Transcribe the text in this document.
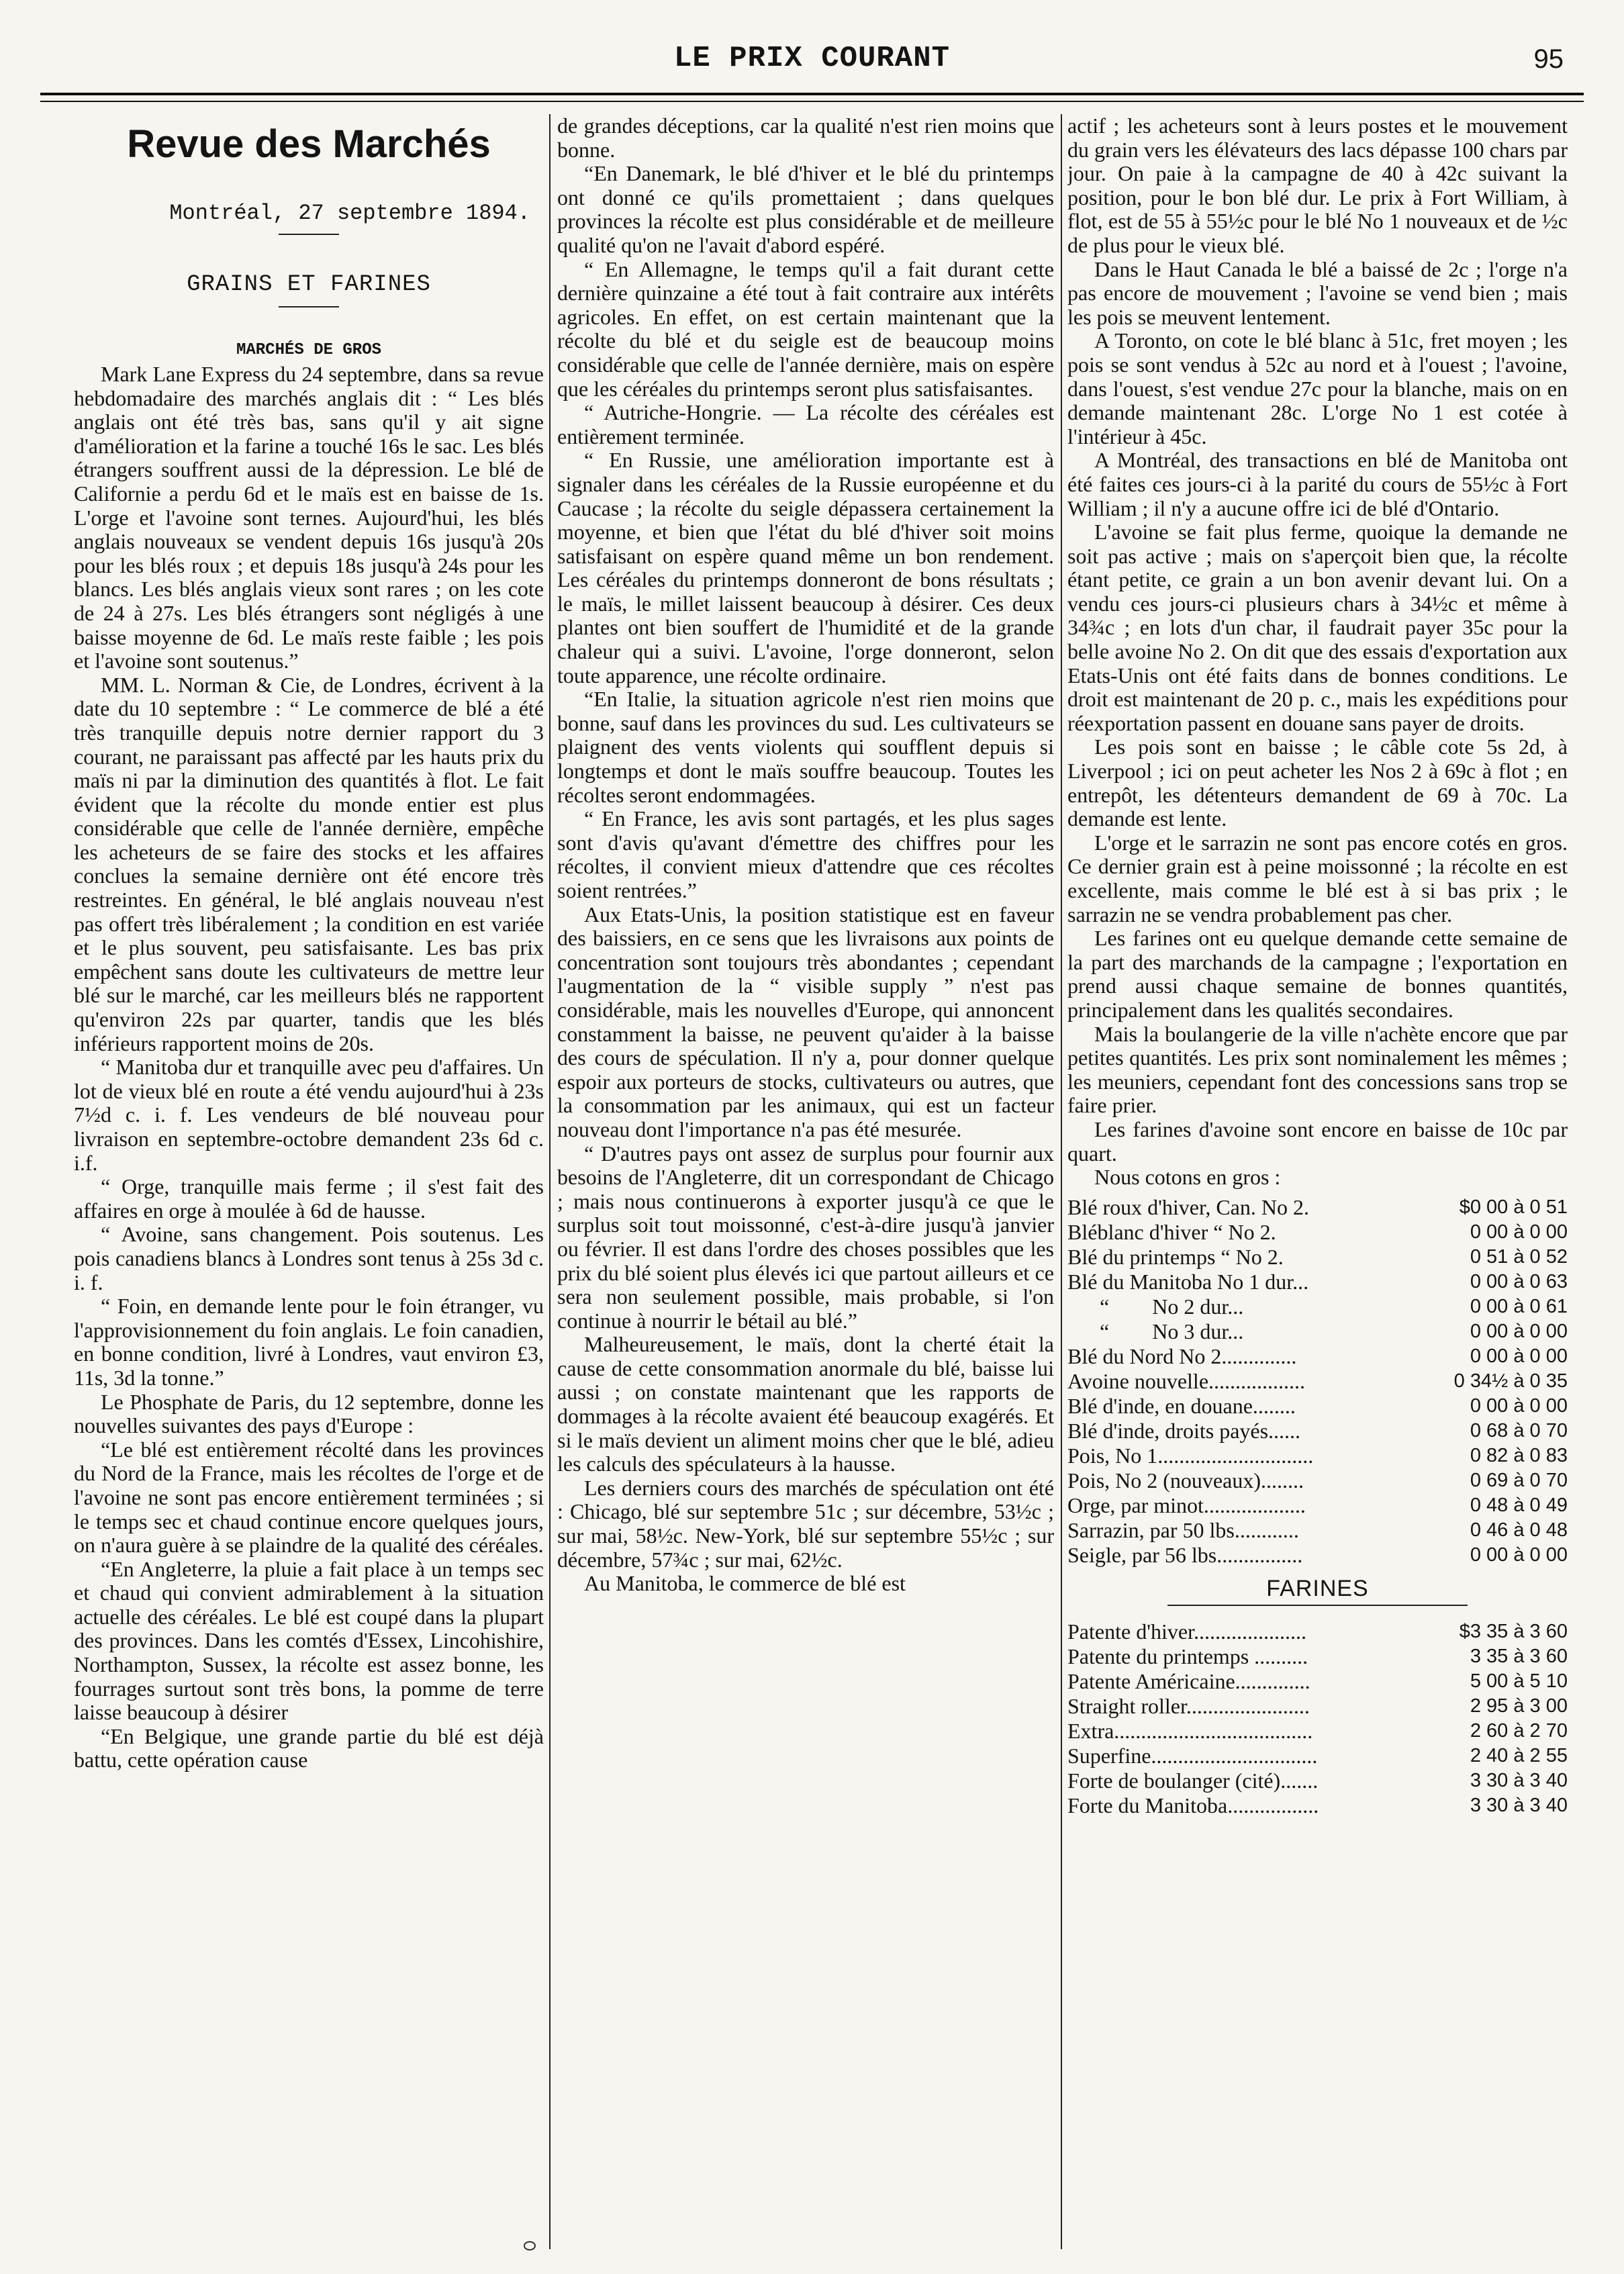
LE PRIX COURANT	95
Revue des Marchés
Montréal, 27 septembre 1894.
GRAINS ET FARINES
MARCHÉS DE GROS

Mark Lane Express du 24 septembre, dans sa revue hebdomadaire des marchés anglais dit : “ Les blés anglais ont été très bas, sans qu'il y ait signe d'amélioration et la farine a touché 16s le sac. Les blés étrangers souffrent aussi de la dépression. Le blé de Californie a perdu 6d et le maïs est en baisse de 1s. L'orge et l'avoine sont ternes. Aujourd'hui, les blés anglais nouveaux se vendent depuis 16s jusqu'à 20s pour les blés roux ; et depuis 18s jusqu'à 24s pour les blancs. Les blés anglais vieux sont rares ; on les cote de 24 à 27s. Les blés étrangers sont négligés à une baisse moyenne de 6d. Le maïs reste faible ; les pois et l'avoine sont soutenus.”

MM. L. Norman & Cie, de Londres, écrivent à la date du 10 septembre : “ Le commerce de blé a été très tranquille depuis notre dernier rapport du 3 courant, ne paraissant pas affecté par les hauts prix du maïs ni par la diminution des quantités à flot. Le fait évident que la récolte du monde entier est plus considérable que celle de l'année dernière, empêche les acheteurs de se faire des stocks et les affaires conclues la semaine dernière ont été encore très restreintes. En général, le blé anglais nouveau n'est pas offert très libéralement ; la condition en est variée et le plus souvent, peu satisfaisante. Les bas prix empêchent sans doute les cultivateurs de mettre leur blé sur le marché, car les meilleurs blés ne rapportent qu'environ 22s par quarter, tandis que les blés inférieurs rapportent moins de 20s.

“ Manitoba dur et tranquille avec peu d'affaires. Un lot de vieux blé en route a été vendu aujourd'hui à 23s 7½d c. i. f. Les vendeurs de blé nouveau pour livraison en septembre-octobre demandent 23s 6d c. i.f.

“ Orge, tranquille mais ferme ; il s'est fait des affaires en orge à moulée à 6d de hausse.

“ Avoine, sans changement. Pois soutenus. Les pois canadiens blancs à Londres sont tenus à 25s 3d c. i. f.

“ Foin, en demande lente pour le foin étranger, vu l'approvisionnement du foin anglais. Le foin canadien, en bonne condition, livré à Londres, vaut environ £3, 11s, 3d la tonne.”

Le Phosphate de Paris, du 12 septembre, donne les nouvelles suivantes des pays d'Europe :

“Le blé est entièrement récolté dans les provinces du Nord de la France, mais les récoltes de l'orge et de l'avoine ne sont pas encore entièrement terminées ; si le temps sec et chaud continue encore quelques jours, on n'aura guère à se plaindre de la qualité des céréales.

“En Angleterre, la pluie a fait place à un temps sec et chaud qui convient admirablement à la situation actuelle des céréales. Le blé est coupé dans la plupart des provinces. Dans les comtés d'Essex, Lincohishire, Northampton, Sussex, la récolte est assez bonne, les fourrages surtout sont très bons, la pomme de terre laisse beaucoup à désirer

“En Belgique, une grande partie du blé est déjà battu, cette opération cause

de grandes déceptions, car la qualité n'est rien moins que bonne.

“En Danemark, le blé d'hiver et le blé du printemps ont donné ce qu'ils promettaient ; dans quelques provinces la récolte est plus considérable et de meilleure qualité qu'on ne l'avait d'abord espéré.

“ En Allemagne, le temps qu'il a fait durant cette dernière quinzaine a été tout à fait contraire aux intérêts agricoles. En effet, on est certain maintenant que la récolte du blé et du seigle est de beaucoup moins considérable que celle de l'année dernière, mais on espère que les céréales du printemps seront plus satisfaisantes.

“ Autriche-Hongrie. — La récolte des céréales est entièrement terminée.

“ En Russie, une amélioration importante est à signaler dans les céréales de la Russie européenne et du Caucase ; la récolte du seigle dépassera certainement la moyenne, et bien que l'état du blé d'hiver soit moins satisfaisant on espère quand même un bon rendement. Les céréales du printemps donneront de bons résultats ; le maïs, le millet laissent beaucoup à désirer. Ces deux plantes ont bien souffert de l'humidité et de la grande chaleur qui a suivi. L'avoine, l'orge donneront, selon toute apparence, une récolte ordinaire.

“En Italie, la situation agricole n'est rien moins que bonne, sauf dans les provinces du sud. Les cultivateurs se plaignent des vents violents qui soufflent depuis si longtemps et dont le maïs souffre beaucoup. Toutes les récoltes seront endommagées.

“ En France, les avis sont partagés, et les plus sages sont d'avis qu'avant d'émettre des chiffres pour les récoltes, il convient mieux d'attendre que ces récoltes soient rentrées.”

Aux Etats-Unis, la position statistique est en faveur des baissiers, en ce sens que les livraisons aux points de concentration sont toujours très abondantes ; cependant l'augmentation de la “ visible supply ” n'est pas considérable, mais les nouvelles d'Europe, qui annoncent constamment la baisse, ne peuvent qu'aider à la baisse des cours de spéculation. Il n'y a, pour donner quelque espoir aux porteurs de stocks, cultivateurs ou autres, que la consommation par les animaux, qui est un facteur nouveau dont l'importance n'a pas été mesurée.

“ D'autres pays ont assez de surplus pour fournir aux besoins de l'Angleterre, dit un correspondant de Chicago ; mais nous continuerons à exporter jusqu'à ce que le surplus soit tout moissonné, c'est-à-dire jusqu'à janvier ou février. Il est dans l'ordre des choses possibles que les prix du blé soient plus élevés ici que partout ailleurs et ce sera non seulement possible, mais probable, si l'on continue à nourrir le bétail au blé.”

Malheureusement, le maïs, dont la cherté était la cause de cette consommation anormale du blé, baisse lui aussi ; on constate maintenant que les rapports de dommages à la récolte avaient été beaucoup exagérés. Et si le maïs devient un aliment moins cher que le blé, adieu les calculs des spéculateurs à la hausse.

Les derniers cours des marchés de spéculation ont été : Chicago, blé sur septembre 51c ; sur décembre, 53½c ; sur mai, 58½c. New-York, blé sur septembre 55½c ; sur décembre, 57¾c ; sur mai, 62½c.

Au Manitoba, le commerce de blé est

actif ; les acheteurs sont à leurs postes et le mouvement du grain vers les élévateurs des lacs dépasse 100 chars par jour. On paie à la campagne de 40 à 42c suivant la position, pour le bon blé dur. Le prix à Fort William, à flot, est de 55 à 55½c pour le blé No 1 nouveaux et de ½c de plus pour le vieux blé.

Dans le Haut Canada le blé a baissé de 2c ; l'orge n'a pas encore de mouvement ; l'avoine se vend bien ; mais les pois se meuvent lentement.

A Toronto, on cote le blé blanc à 51c, fret moyen ; les pois se sont vendus à 52c au nord et à l'ouest ; l'avoine, dans l'ouest, s'est vendue 27c pour la blanche, mais on en demande maintenant 28c. L'orge No 1 est cotée à l'intérieur à 45c.

A Montréal, des transactions en blé de Manitoba ont été faites ces jours-ci à la parité du cours de 55½c à Fort William ; il n'y a aucune offre ici de blé d'Ontario.

L'avoine se fait plus ferme, quoique la demande ne soit pas active ; mais on s'aperçoit bien que, la récolte étant petite, ce grain a un bon avenir devant lui. On a vendu ces jours-ci plusieurs chars à 34½c et même à 34¾c ; en lots d'un char, il faudrait payer 35c pour la belle avoine No 2. On dit que des essais d'exportation aux Etats-Unis ont été faits dans de bonnes conditions. Le droit est maintenant de 20 p. c., mais les expéditions pour réexportation passent en douane sans payer de droits.

Les pois sont en baisse ; le câble cote 5s 2d, à Liverpool ; ici on peut acheter les Nos 2 à 69c à flot ; en entrepôt, les détenteurs demandent de 69 à 70c. La demande est lente.

L'orge et le sarrazin ne sont pas encore cotés en gros. Ce dernier grain est à peine moissonné ; la récolte en est excellente, mais comme le blé est à si bas prix ; le sarrazin ne se vendra probablement pas cher.

Les farines ont eu quelque demande cette semaine de la part des marchands de la campagne ; l'exportation en prend aussi chaque semaine de bonnes quantités, principalement dans les qualités secondaires.

Mais la boulangerie de la ville n'achète encore que par petites quantités. Les prix sont nominalement les mêmes ; les meuniers, cependant font des concessions sans trop se faire prier.

Les farines d'avoine sont encore en baisse de 10c par quart.

Nous cotons en gros :

Blé roux d'hiver, Can. No 2.	$0 00 à 0 51
Bléblanc d'hiver “ No 2.	0 00 à 0 00
Blé du printemps “ No 2.	0 51 à 0 52
Blé du Manitoba No 1 dur...	0 00 à 0 63
“        No 2 dur...	0 00 à 0 61
“        No 3 dur...	0 00 à 0 00
Blé du Nord No 2..............	0 00 à 0 00
Avoine nouvelle..................	0 34½ à 0 35
Blé d'inde, en douane........	0 00 à 0 00
Blé d'inde, droits payés......	0 68 à 0 70
Pois, No 1.............................	0 82 à 0 83
Pois, No 2 (nouveaux)........	0 69 à 0 70
Orge, par minot...................	0 48 à 0 49
Sarrazin, par 50 lbs............	0 46 à 0 48
Seigle, par 56 lbs................	0 00 à 0 00
FARINES
Patente d'hiver.....................	$3 35 à 3 60
Patente du printemps ..........	3 35 à 3 60
Patente Américaine..............	5 00 à 5 10
Straight roller.......................	2 95 à 3 00
Extra.....................................	2 60 à 2 70
Superfine...............................	2 40 à 2 55
Forte de boulanger (cité).......	3 30 à 3 40
Forte du Manitoba.................	3 30 à 3 40
